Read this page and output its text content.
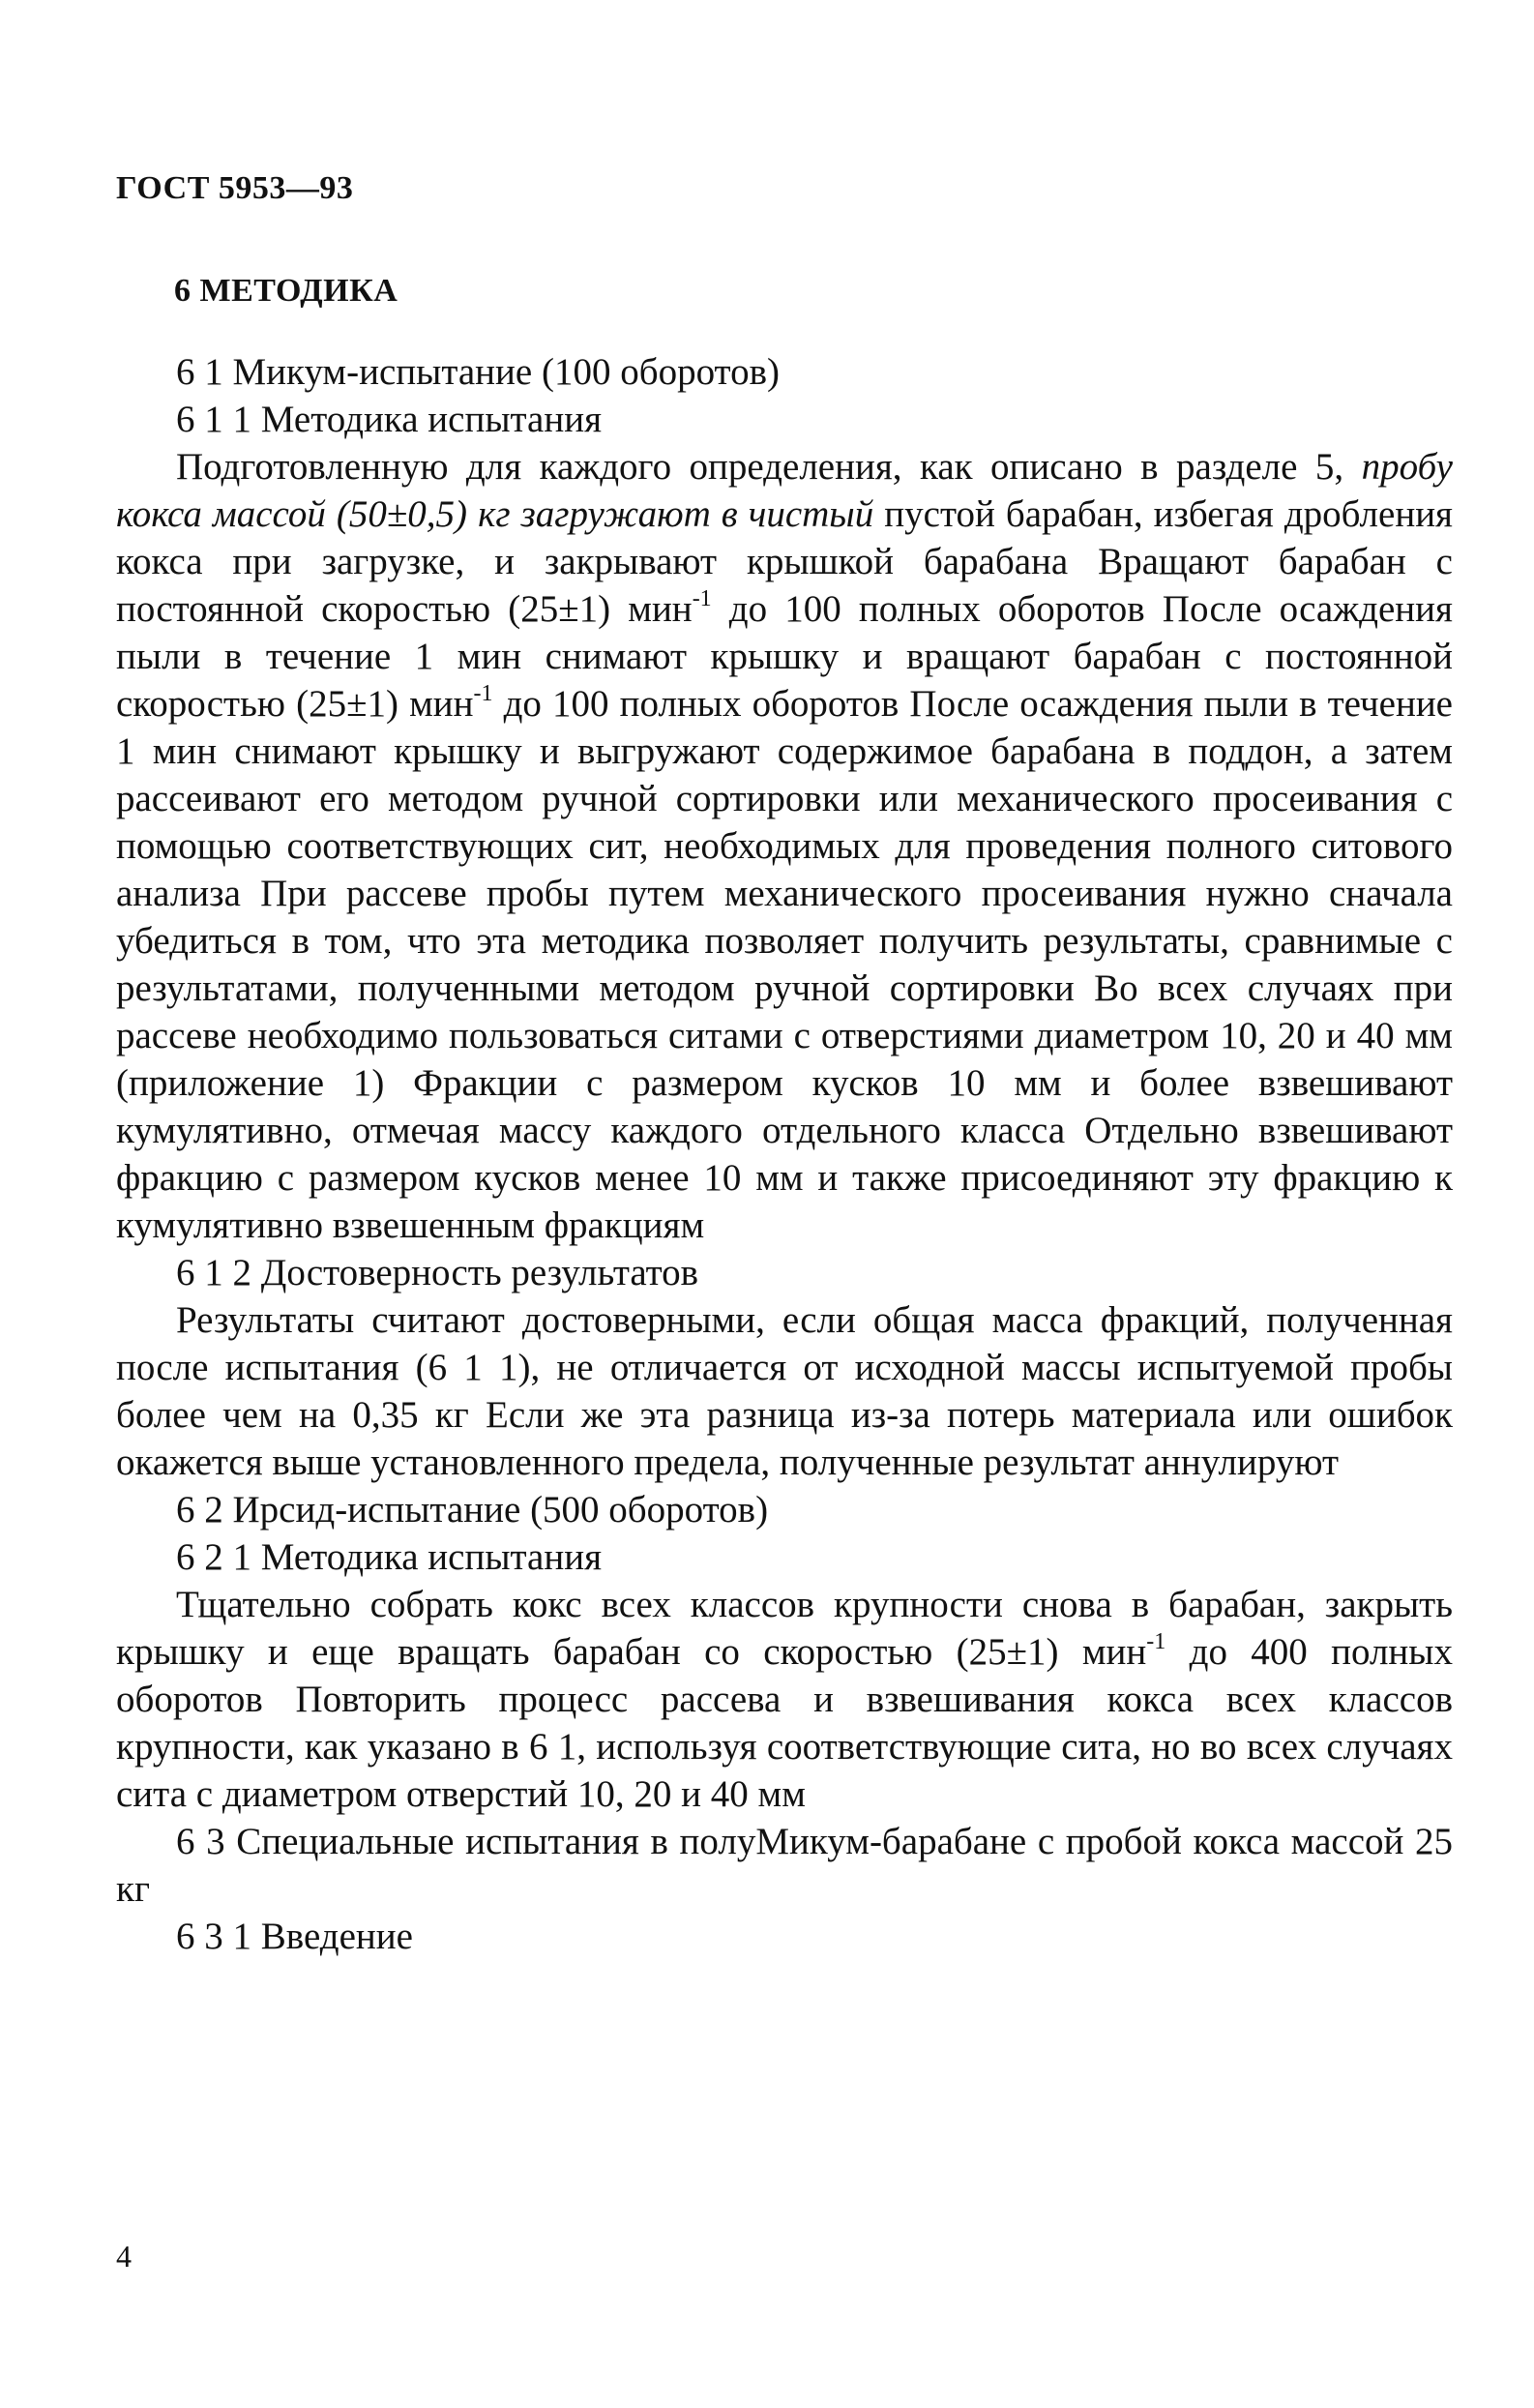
ГОСТ 5953—93
6 МЕТОДИКА
6 1 Микум-испытание (100 оборотов)
6 1 1 Методика испытания

Подготовленную для каждого определения, как описано в разделе 5, пробу кокса массой (50±0,5) кг загружают в чистый пустой барабан, избегая дробления кокса при загрузке, и закрывают крышкой барабана Вращают барабан с постоянной скоростью (25±1) мин$^{-1}$ до 100 полных оборотов После осаждения пыли в течение 1 мин снимают крышку и вращают барабан с постоянной скоростью (25±1) мин$^{-1}$ до 100 полных оборотов После осаждения пыли в течение 1 мин снимают крышку и выгружают содержимое барабана в поддон, а затем рассеивают его методом ручной сортировки или механического просеивания с помощью соответствующих сит, необходимых для проведения полного ситового анализа При рассеве пробы путем механического просеивания нужно сначала убедиться в том, что эта методика позволяет получить результаты, сравнимые с результатами, полученными методом ручной сортировки Во всех случаях при рассеве необходимо пользоваться ситами с отверстиями диаметром 10, 20 и 40 мм (приложение 1) Фракции с размером кусков 10 мм и более взвешивают кумулятивно, отмечая массу каждого отдельного класса Отдельно взвешивают фракцию с размером кусков менее 10 мм и также присоединяют эту фракцию к кумулятивно взвешенным фракциям

6 1 2 Достоверность результатов

Результаты считают достоверными, если общая масса фракций, полученная после испытания (6 1 1), не отличается от исходной массы испытуемой пробы более чем на 0,35 кг Если же эта разница из-за потерь материала или ошибок окажется выше установленного предела, полученные результат аннулируют

6 2 Ирсид-испытание (500 оборотов)
6 2 1 Методика испытания

Тщательно собрать кокс всех классов крупности снова в барабан, закрыть крышку и еще вращать барабан со скоростью (25±1) мин$^{-1}$ до 400 полных оборотов Повторить процесс рассева и взвешивания кокса всех классов крупности, как указано в 6 1, используя соответствующие сита, но во всех случаях сита с диаметром отверстий 10, 20 и 40 мм

6 3 Специальные испытания в полуМикум-барабане с пробой кокса массой 25 кг

6 3 1 Введение
4
